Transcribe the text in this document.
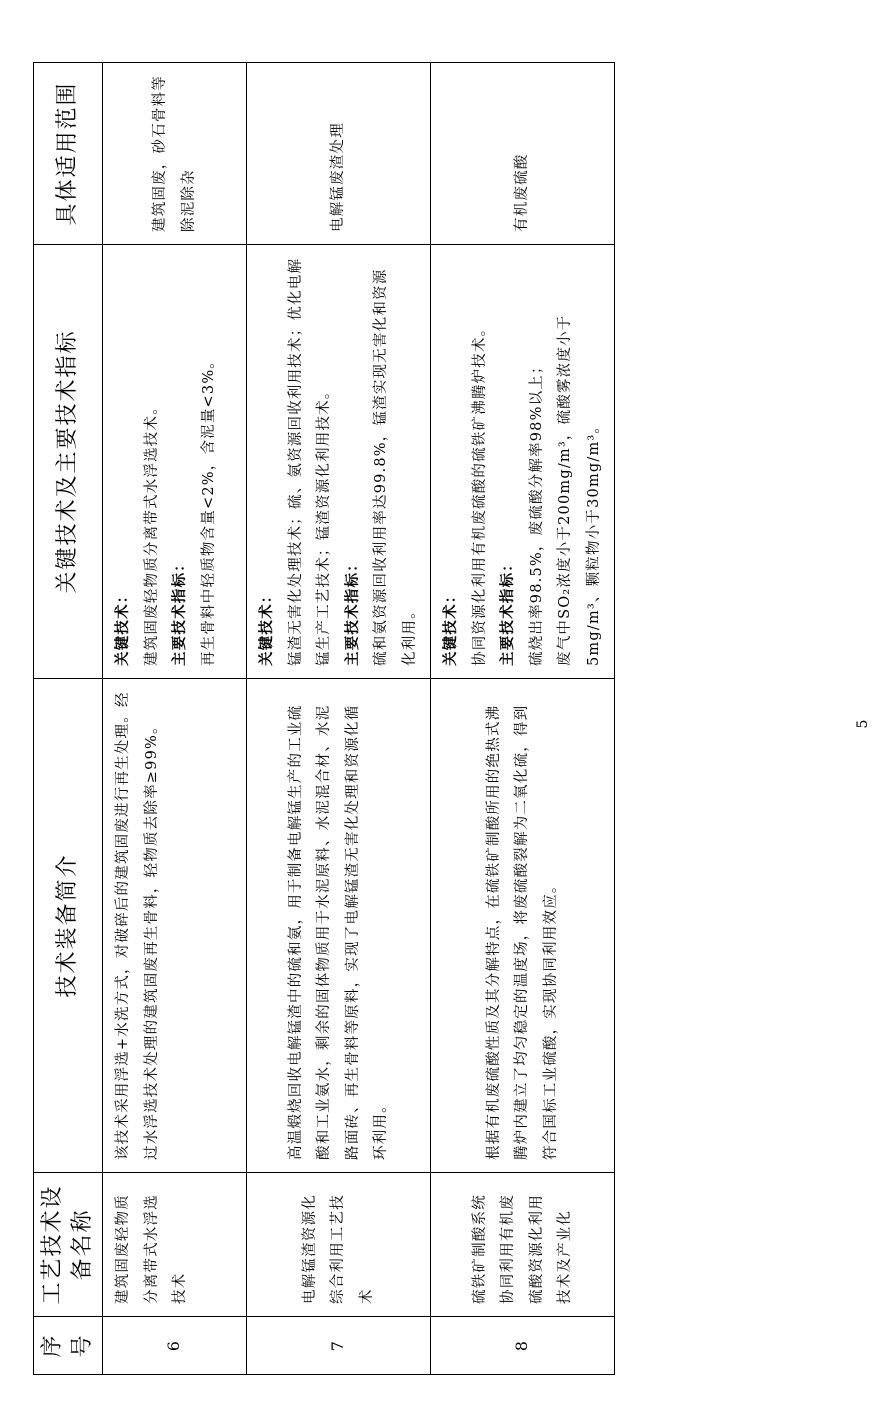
序号	工艺技术设备名称	技术装备简介	关键技术及主要技术指标	具体适用范围
6	建筑固废轻物质分离带式水浮选技术	该技术采用浮选+水洗方式，对破碎后的建筑固废进行再生处理。经过水浮选技术处理的建筑固废再生骨料，轻物质去除率≥99%。	关键技术： 建筑固废轻物质分离带式水浮选技术。 主要技术指标： 再生骨料中轻质物含量<2%，含泥量<3%。	建筑固废，砂石骨料等除泥除杂
7	电解锰渣资源化综合利用工艺技术	高温煅烧回收电解锰渣中的硫和氨，用于制备电解锰生产的工业硫酸和工业氨水，剩余的固体物质用于水泥原料、水泥混合材、水泥路面砖、再生骨料等原料，实现了电解锰渣无害化处理和资源化循环利用。	关键技术： 锰渣无害化处理技术；硫、氨资源回收利用技术；优化电解锰生产工艺技术；锰渣资源化利用技术。 主要技术指标： 硫和氨资源回收利用率达99.8%，锰渣实现无害化和资源化利用。	电解锰废渣处理
8	硫铁矿制酸系统协同利用有机废硫酸资源化利用技术及产业化	根据有机废硫酸性质及其分解特点，在硫铁矿制酸所用的绝热式沸腾炉内建立了均匀稳定的温度场，将废硫酸裂解为二氧化硫，得到符合国标工业硫酸，实现协同利用效应。	关键技术： 协同资源化利用有机废硫酸的硫铁矿沸腾炉技术。 主要技术指标： 硫烧出率98.5%，废硫酸分解率98%以上； 废气中SO₂浓度小于200mg/m³，硫酸雾浓度小于5mg/m³、颗粒物小于30mg/m³。	有机废硫酸
5
